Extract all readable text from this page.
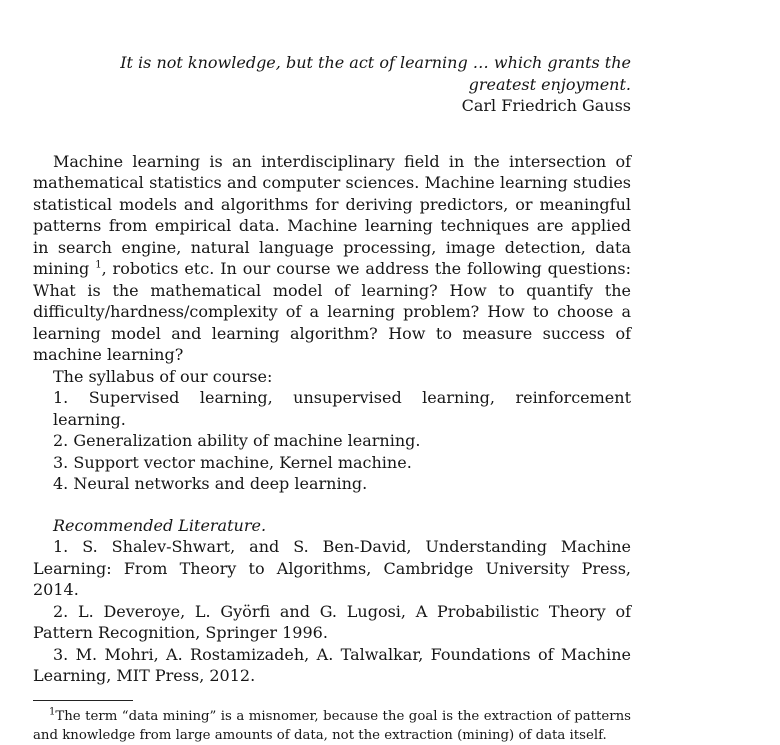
It is not knowledge, but the act of learning … which grants the greatest enjoyment.
Carl Friedrich Gauss

Machine learning is an interdisciplinary field in the intersection of mathematical statistics and computer sciences. Machine learning studies statistical models and algorithms for deriving predictors, or meaningful patterns from empirical data. Machine learning techniques are applied in search engine, natural language processing, image detection, data mining $^1$, robotics etc. In our course we address the following questions: What is the mathematical model of learning? How to quantify the difficulty/hardness/complexity of a learning problem? How to choose a learning model and learning algorithm? How to measure success of machine learning?

The syllabus of our course:
1. Supervised learning, unsupervised learning, reinforcement learning.
2. Generalization ability of machine learning.
3. Support vector machine, Kernel machine.
4. Neural networks and deep learning.
Recommended Literature.

1. S. Shalev-Shwart, and S. Ben-David, Understanding Machine Learning: From Theory to Algorithms, Cambridge University Press, 2014.

2. L. Deveroye, L. Györfi and G. Lugosi, A Probabilistic Theory of Pattern Recognition, Springer 1996.

3. M. Mohri, A. Rostamizadeh, A. Talwalkar, Foundations of Machine Learning, MIT Press, 2012.

$^1$The term “data mining” is a misnomer, because the goal is the extraction of patterns and knowledge from large amounts of data, not the extraction (mining) of data itself.
